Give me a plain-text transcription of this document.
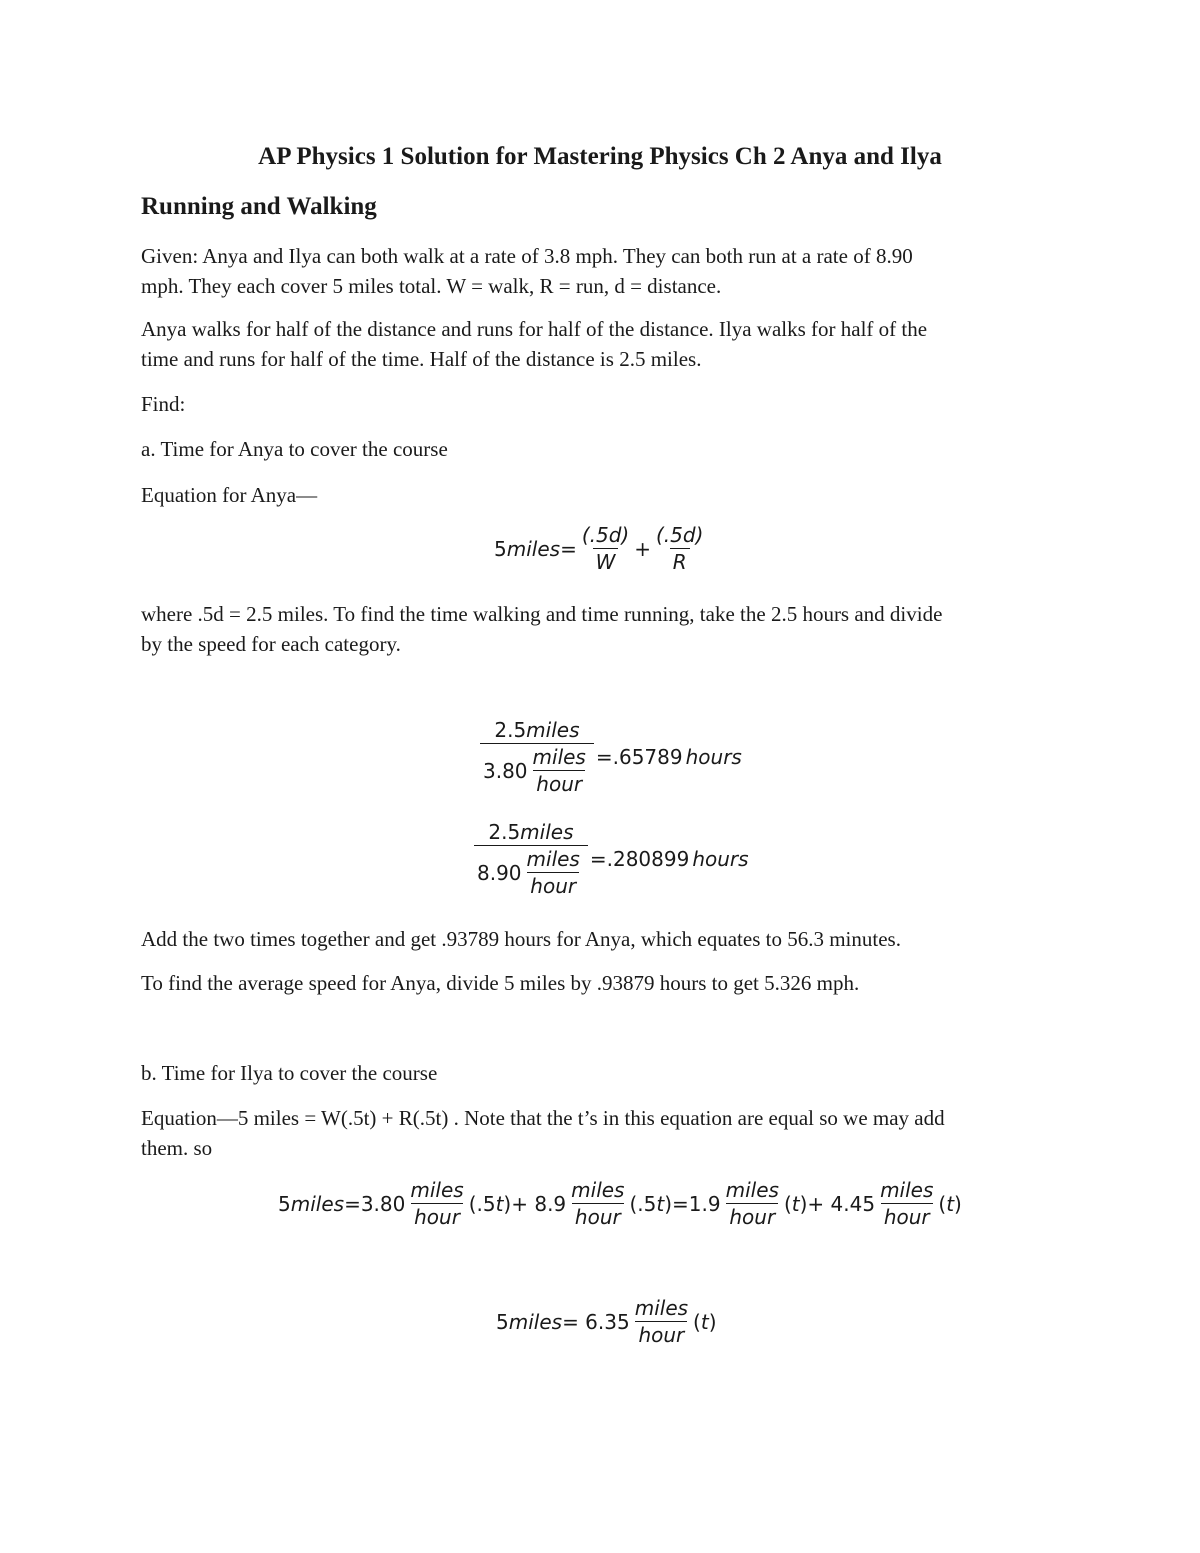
AP Physics 1 Solution for Mastering Physics Ch 2 Anya and Ilya
Running and Walking
Given: Anya and Ilya can both walk at a rate of 3.8 mph. They can both run at a rate of 8.90
mph. They each cover 5 miles total. W = walk, R = run, d = distance.
Anya walks for half of the distance and runs for half of the distance. Ilya walks for half of the
time and runs for half of the time. Half of the distance is 2.5 miles.
Find:
a. Time for Anya to cover the course
Equation for Anya—
5 miles = $\frac{(.5d)}{W} + \frac{(.5d)}{R}$
where .5d = 2.5 miles. To find the time walking and time running, take the 2.5 hours and divide
by the speed for each category.
$\frac{\text{2.5miles}}{3.80 \frac{\text{miles}}{\text{hour}}} =.65789$ hours
$\frac{\text{2.5miles}}{8.90 \frac{\text{miles}}{\text{hour}}} =.280899$ hours
Add the two times together and get .93789 hours for Anya, which equates to 56.3 minutes.
To find the average speed for Anya, divide 5 miles by .93879 hours to get 5.326 mph.
b. Time for Ilya to cover the course
Equation—5 miles = W(.5t) + R(.5t) . Note that the t’s in this equation are equal so we may add
them. so
5 miles = $3.80 \frac{\text{miles}}{\text{hour}} (.5$ t ) + $8.9 \frac{\text{miles}}{\text{hour}} (.5$ t ) $=1.9 \frac{\text{miles}}{\text{hour}}$ ( t ) + $4.45 \frac{\text{miles}}{\text{hour}}$ ( t )
5 miles = $6.35 \frac{\text{miles}}{\text{hour}}$ ( t )
